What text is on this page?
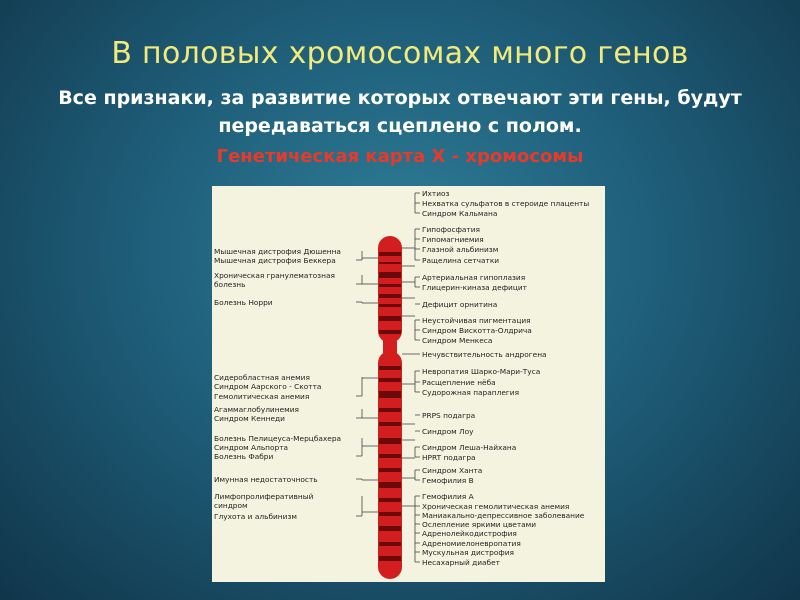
В половых хромосомах много генов
Все признаки, за развитие которых отвечают эти гены, будут
передаваться сцеплено с полом.
Генетическая карта Х - хромосомы
Ихтиоз
Нехватка сульфатов в стероиде плаценты
Синдром Кальмана
Гипофосфатия
Гипомагниемия
Глазной альбинизм
Ращелина сетчатки
Артериальная гипоплазия
Глицерин-киназа дефицит
Дефицит орнитина
Неустойчивая пигментация
Синдром Вискотта-Олдрича
Синдром Менкеса
Нечувствительность андрогена
Невропатия Шарко-Мари-Туса
Расщепление нёба
Судорожная параплегия
PRPS подагра
Синдром Лоу
Синдром Леша-Найхана
HPRT подагра
Синдром Ханта
Гемофилия В
Гемофилия А
Хроническая гемолитическая анемия
Маниакально-депрессивное заболевание
Ослепление яркими цветами
Адренолейкодистрофия
Адреномиелоневропатия
Мускульная дистрофия
Несахарный диабет
Мышечная дистрофия Дюшенна
Мышечная дистрофия Беккера
Хроническая гранулематозная
болезнь
Болезнь Норри
Сидеробластная анемия
Синдром Аарского - Скотта
Гемолитическая анемия
Агаммаглобулинемия
Синдром Кеннеди
Болезнь Пелицеуса-Мерцбахера
Синдром Альпорта
Болезнь Фабри
Имунная недостаточность
Лимфопролиферативный
синдром
Глухота и альбинизм
